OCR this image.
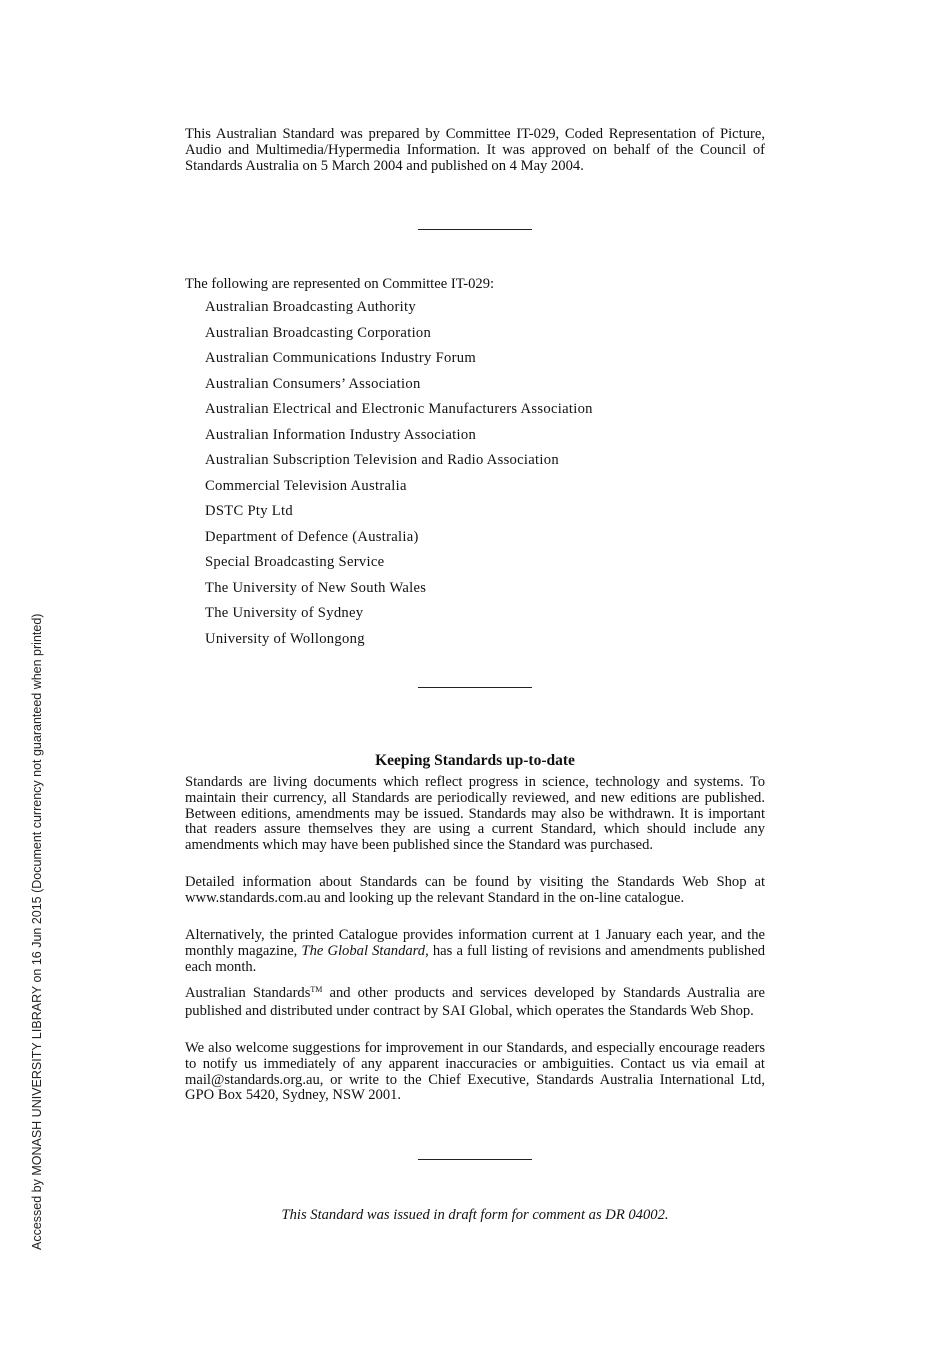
Accessed by MONASH UNIVERSITY LIBRARY on 16 Jun 2015 (Document currency not guaranteed when printed)

This Australian Standard was prepared by Committee IT-029, Coded Representation of Picture, Audio and Multimedia/Hypermedia Information. It was approved on behalf of the Council of Standards Australia on 5 March 2004 and published on 4 May 2004.

The following are represented on Committee IT-029:

Australian Broadcasting Authority
Australian Broadcasting Corporation
Australian Communications Industry Forum
Australian Consumers’ Association
Australian Electrical and Electronic Manufacturers Association
Australian Information Industry Association
Australian Subscription Television and Radio Association
Commercial Television Australia
DSTC Pty Ltd
Department of Defence (Australia)
Special Broadcasting Service
The University of New South Wales
The University of Sydney
University of Wollongong
Keeping Standards up-to-date

Standards are living documents which reflect progress in science, technology and systems. To maintain their currency, all Standards are periodically reviewed, and new editions are published. Between editions, amendments may be issued. Standards may also be withdrawn. It is important that readers assure themselves they are using a current Standard, which should include any amendments which may have been published since the Standard was purchased.

Detailed information about Standards can be found by visiting the Standards Web Shop at www.standards.com.au and looking up the relevant Standard in the on-line catalogue.

Alternatively, the printed Catalogue provides information current at 1 January each year, and the monthly magazine, The Global Standard, has a full listing of revisions and amendments published each month.

Australian Standards™ and other products and services developed by Standards Australia are published and distributed under contract by SAI Global, which operates the Standards Web Shop.

We also welcome suggestions for improvement in our Standards, and especially encourage readers to notify us immediately of any apparent inaccuracies or ambiguities. Contact us via email at mail@standards.org.au, or write to the Chief Executive, Standards Australia International Ltd, GPO Box 5420, Sydney, NSW 2001.

This Standard was issued in draft form for comment as DR 04002.
